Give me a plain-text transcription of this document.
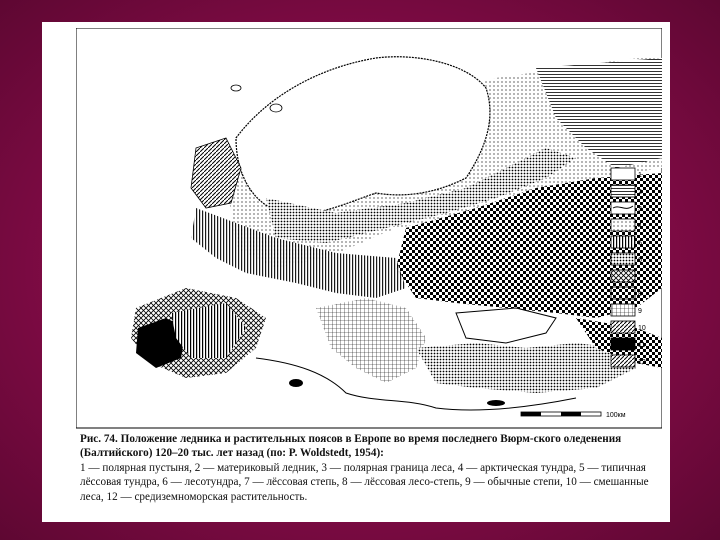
100км
1
2
3
4
5
6
7
8
9
10
11
12
Рис. 74. Положение ледника и растительных поясов в Европе во время последнего Вюрм-ского оледенения (Балтийского) 120–20 тыс. лет назад (по: P. Woldstedt, 1954):
1 — полярная пустыня, 2 — материковый ледник, 3 — полярная граница леса, 4 — арктическая тундра, 5 — типичная лёссовая тундра, 6 — лесотундра, 7 — лёссовая степь, 8 — лёссовая лесо-степь, 9 — обычные степи, 10 — смешанные леса, 12 — средиземноморская растительность.
